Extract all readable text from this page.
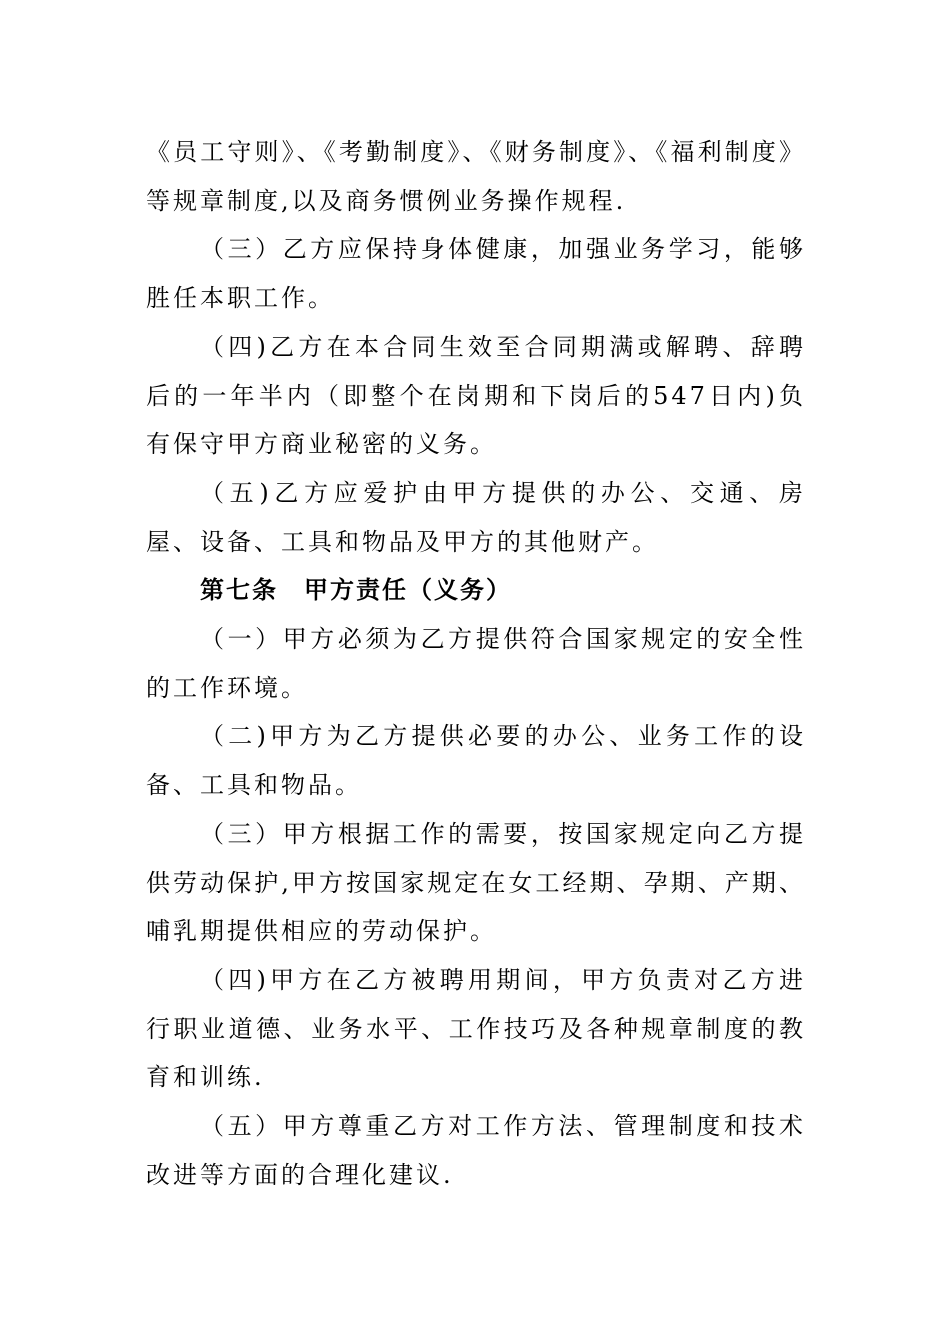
《员工守则》、《考勤制度》、《财务制度》、《福利制度》等规章制度,以及商务惯例业务操作规程.

（三）乙方应保持身体健康，加强业务学习，能够胜任本职工作。

（四)乙方在本合同生效至合同期满或解聘、辞聘后的一年半内（即整个在岗期和下岗后的547日内)负有保守甲方商业秘密的义务。

（五)乙方应爱护由甲方提供的办公、交通、房屋、设备、工具和物品及甲方的其他财产。

第七条　甲方责任（义务）

（一）甲方必须为乙方提供符合国家规定的安全性的工作环境。

（二)甲方为乙方提供必要的办公、业务工作的设备、工具和物品。

（三）甲方根据工作的需要，按国家规定向乙方提供劳动保护,甲方按国家规定在女工经期、孕期、产期、哺乳期提供相应的劳动保护。

（四)甲方在乙方被聘用期间，甲方负责对乙方进行职业道德、业务水平、工作技巧及各种规章制度的教育和训练.

（五）甲方尊重乙方对工作方法、管理制度和技术改进等方面的合理化建议.
